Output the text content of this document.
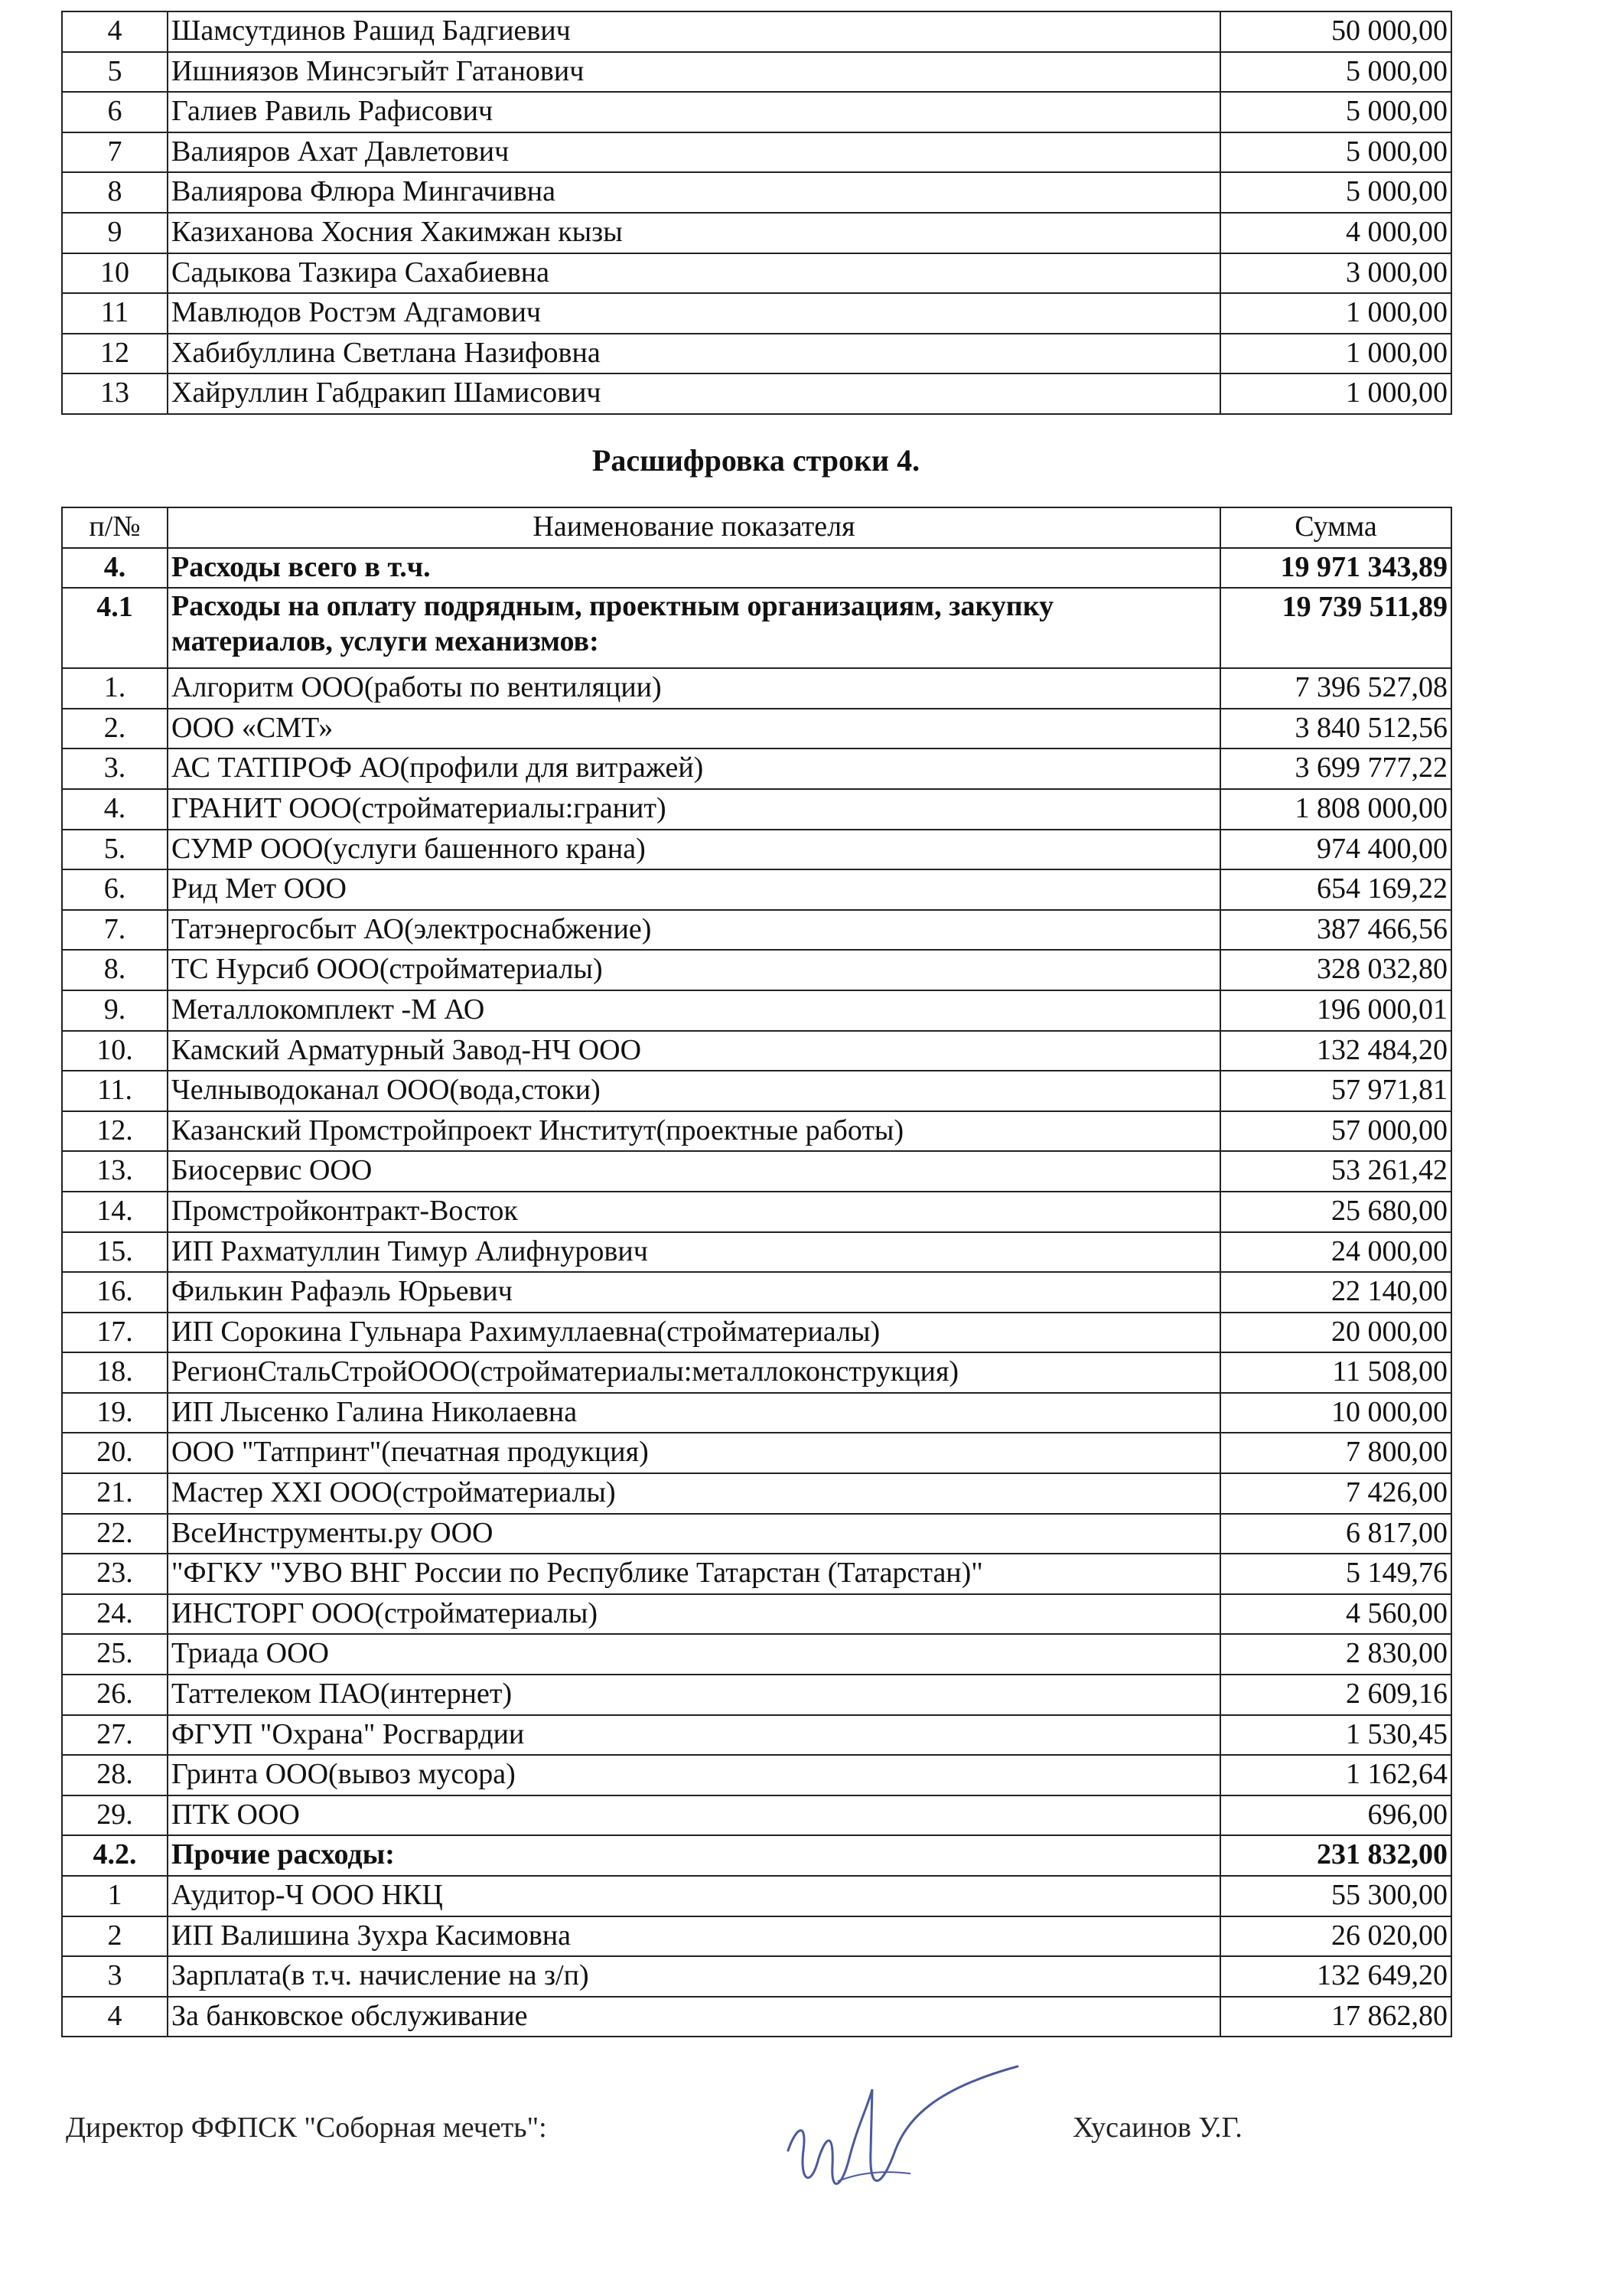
4	Шамсутдинов Рашид Бадгиевич	50 000,00
5	Ишниязов Минсэгыйт Гатанович	5 000,00
6	Галиев Равиль Рафисович	5 000,00
7	Валияров Ахат Давлетович	5 000,00
8	Валиярова Флюра Мингачивна	5 000,00
9	Казиханова Хосния Хакимжан кызы	4 000,00
10	Садыкова Тазкира Сахабиевна	3 000,00
11	Мавлюдов Ростэм Адгамович	1 000,00
12	Хабибуллина Светлана Назифовна	1 000,00
13	Хайруллин Габдракип Шамисович	1 000,00
Расшифровка строки 4.
п/№	Наименование показателя	Сумма
4.	Расходы всего в т.ч.	19 971 343,89
4.1	Расходы на оплату подрядным, проектным организациям, закупку материалов, услуги механизмов:	19 739 511,89
1.	Алгоритм ООО(работы по вентиляции)	7 396 527,08
2.	ООО «СМТ»	3 840 512,56
3.	АС ТАТПРОФ АО(профили для витражей)	3 699 777,22
4.	ГРАНИТ ООО(стройматериалы:гранит)	1 808 000,00
5.	СУМР ООО(услуги башенного крана)	974 400,00
6.	Рид Мет ООО	654 169,22
7.	Татэнергосбыт АО(электроснабжение)	387 466,56
8.	ТС Нурсиб ООО(стройматериалы)	328 032,80
9.	Металлокомплект -М АО	196 000,01
10.	Камский Арматурный Завод-НЧ ООО	132 484,20
11.	Челныводоканал ООО(вода,стоки)	57 971,81
12.	Казанский Промстройпроект Институт(проектные работы)	57 000,00
13.	Биосервис ООО	53 261,42
14.	Промстройконтракт-Восток	25 680,00
15.	ИП Рахматуллин Тимур Алифнурович	24 000,00
16.	Филькин Рафаэль Юрьевич	22 140,00
17.	ИП Сорокина Гульнара Рахимуллаевна(стройматериалы)	20 000,00
18.	РегионСтальСтройООО(стройматериалы:металлоконструкция)	11 508,00
19.	ИП Лысенко Галина Николаевна	10 000,00
20.	ООО "Татпринт"(печатная продукция)	7 800,00
21.	Мастер XXI ООО(стройматериалы)	7 426,00
22.	ВсеИнструменты.ру ООО	6 817,00
23.	"ФГКУ "УВО ВНГ России по Республике Татарстан (Татарстан)"	5 149,76
24.	ИНСТОРГ ООО(стройматериалы)	4 560,00
25.	Триада ООО	2 830,00
26.	Таттелеком ПАО(интернет)	2 609,16
27.	ФГУП "Охрана" Росгвардии	1 530,45
28.	Гринта ООО(вывоз мусора)	1 162,64
29.	ПТК ООО	696,00
4.2.	Прочие расходы:	231 832,00
1	Аудитор-Ч ООО НКЦ	55 300,00
2	ИП Валишина Зухра Касимовна	26 020,00
3	Зарплата(в т.ч. начисление на з/п)	132 649,20
4	За банковское обслуживание	17 862,80
Директор ФФПСК "Соборная мечеть":	Хусаинов У.Г.
